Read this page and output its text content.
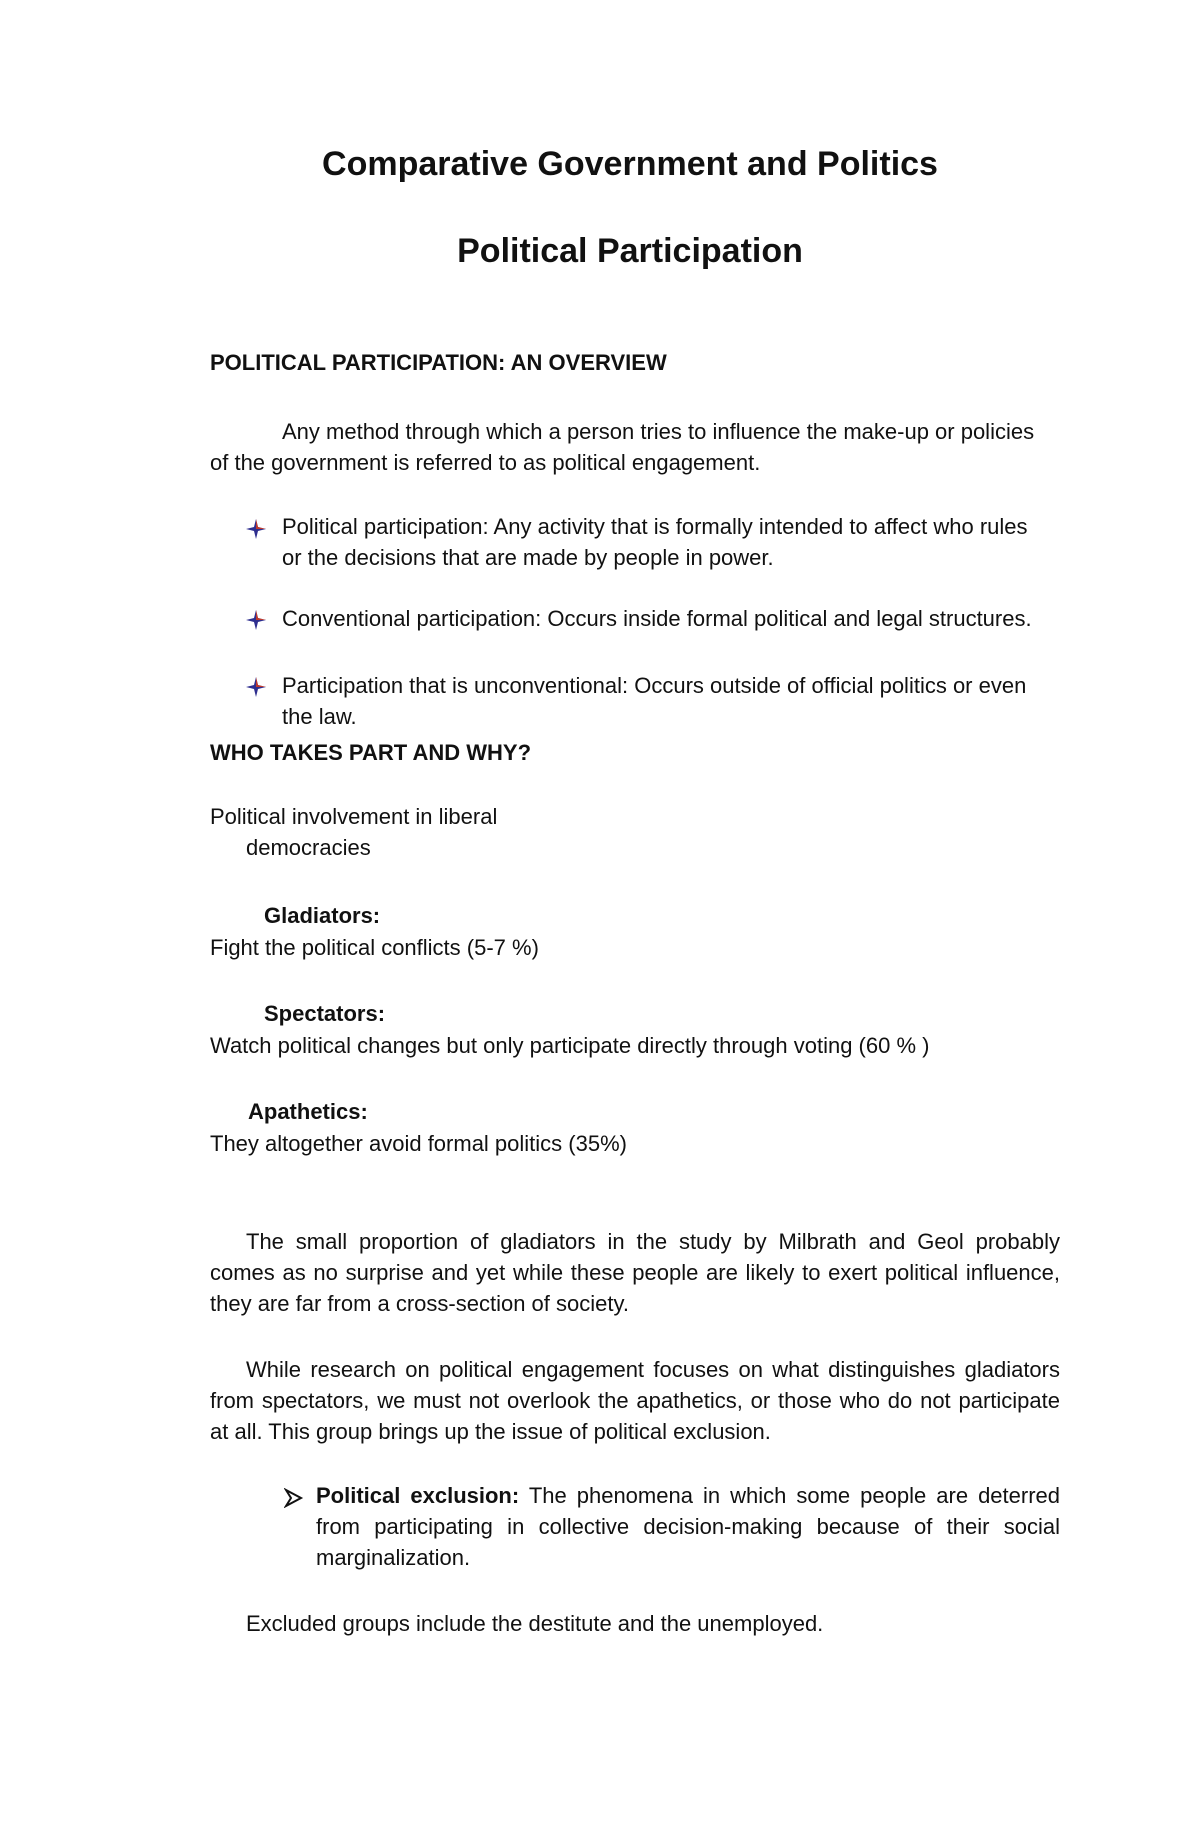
Comparative Government and Politics
Political Participation
POLITICAL PARTICIPATION: AN OVERVIEW
Any method through which a person tries to influence the make-up or policies
of the government is referred to as political engagement.
Political participation: Any activity that is formally intended to affect who rules
or the decisions that are made by people in power.
Conventional participation: Occurs inside formal political and legal structures.
Participation that is unconventional: Occurs outside of official politics or even
the law.
WHO TAKES PART AND WHY?
Political involvement in liberal
democracies
Gladiators:
Fight the political conflicts (5-7 %)
Spectators:
Watch political changes but only participate directly through voting (60 % )
Apathetics:
They altogether avoid formal politics (35%)
The small proportion of gladiators in the study by Milbrath and Geol probably comes as no surprise and yet while these people are likely to exert political influence, they are far from a cross-section of society.
While research on political engagement focuses on what distinguishes gladiators from spectators, we must not overlook the apathetics, or those who do not participate at all. This group brings up the issue of political exclusion.
Political exclusion: The phenomena in which some people are deterred from participating in collective decision-making because of their social marginalization.
Excluded groups include the destitute and the unemployed.
